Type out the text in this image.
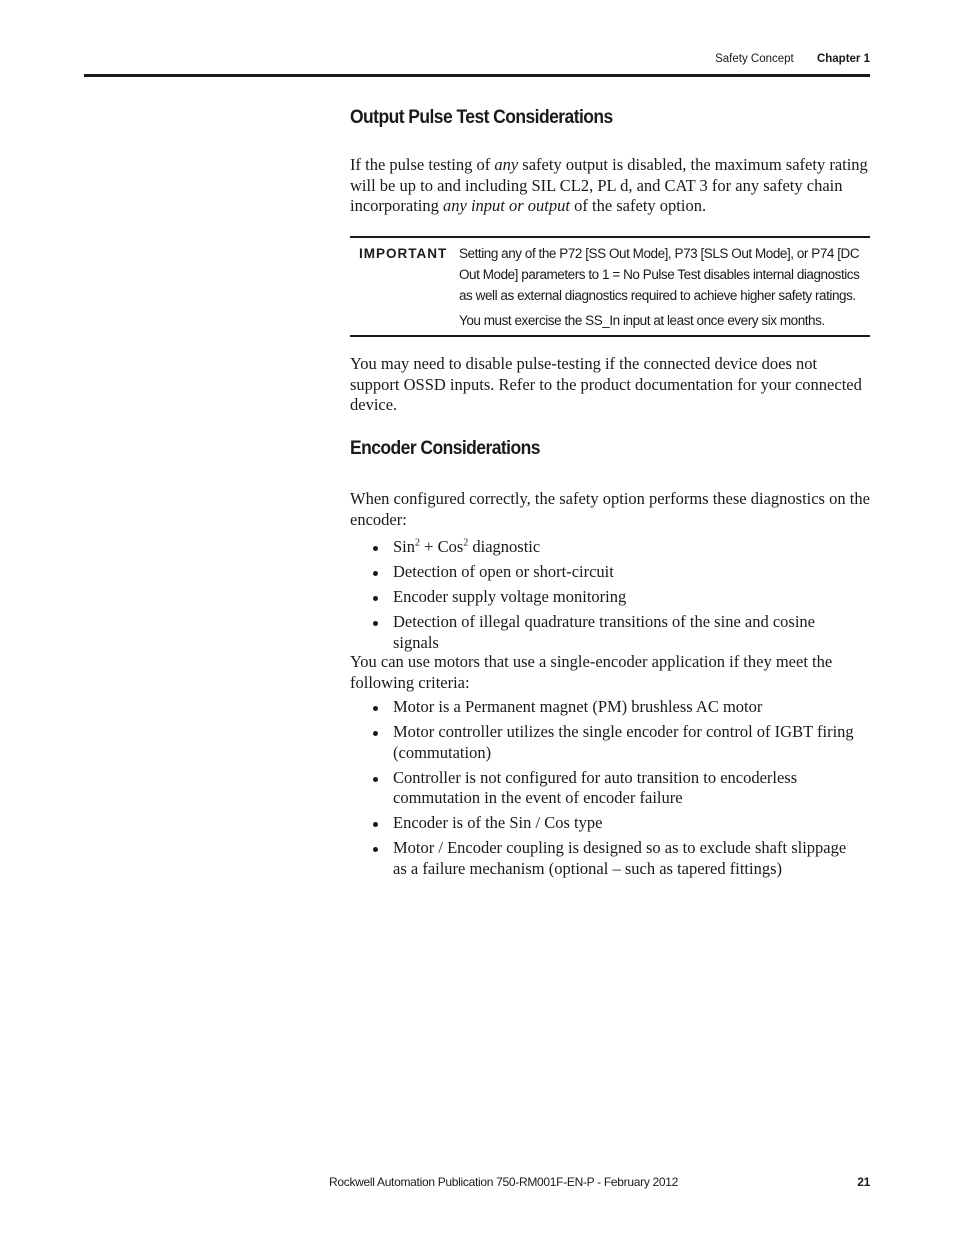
Safety Concept Chapter 1
Output Pulse Test Considerations

If the pulse testing of any safety output is disabled, the maximum safety rating will be up to and including SIL CL2, PL d, and CAT 3 for any safety chain incorporating any input or output of the safety option.

IMPORTANT Setting any of the P72 [SS Out Mode], P73 [SLS Out Mode], or P74 [DC Out Mode] parameters to 1 = No Pulse Test disables internal diagnostics as well as external diagnostics required to achieve higher safety ratings.

You must exercise the SS_In input at least once every six months.

You may need to disable pulse-testing if the connected device does not support OSSD inputs. Refer to the product documentation for your connected device.

Encoder Considerations

When configured correctly, the safety option performs these diagnostics on the encoder:

Sin$^2$ + Cos$^2$ diagnostic
Detection of open or short-circuit
Encoder supply voltage monitoring
Detection of illegal quadrature transitions of the sine and cosine signals

You can use motors that use a single-encoder application if they meet the following criteria:

Motor is a Permanent magnet (PM) brushless AC motor
Motor controller utilizes the single encoder for control of IGBT firing (commutation)
Controller is not configured for auto transition to encoderless commutation in the event of encoder failure
Encoder is of the Sin / Cos type
Motor / Encoder coupling is designed so as to exclude shaft slippage as a failure mechanism (optional – such as tapered fittings)
Rockwell Automation Publication 750-RM001F-EN-P - February 2012	21
